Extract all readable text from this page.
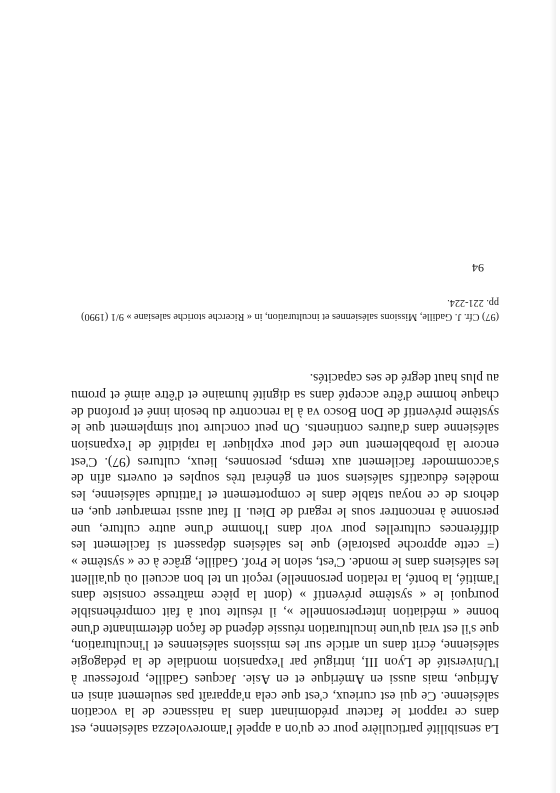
La sensibilité particulière pour ce qu'on a appelé l'amorevolezza salésienne, est dans ce rapport le facteur prédominant dans la naissance de la vocation salésienne. Ce qui est curieux, c'est que cela n'apparaît pas seulement ainsi en Afrique, mais aussi en Amérique et en Asie. Jacques Gadille, professeur à l'Université de Lyon III, intrigué par l'expansion mondiale de la pédagogie salésienne, écrit dans un article sur les missions salésiennes et l'inculturation, que s'il est vrai qu'une inculturation réussie dépend de façon déterminante d'une bonne « médiation interpersonnelle », il résulte tout à fait compréhensible pourquoi le « système préventif » (dont la pièce maîtresse consiste dans l'amitié, la bonté, la relation personnelle) reçoit un tel bon accueil où qu'aillent les salésiens dans le monde. C'est, selon le Prof. Gadille, grâce à ce « système » (= cette approche pastorale) que les salésiens dépassent si facilement les différences culturelles pour voir dans l'homme d'une autre culture, une personne à rencontrer sous le regard de Dieu. Il faut aussi remarquer que, en dehors de ce noyau stable dans le comportement et l'attitude salésienne, les modèles éducatifs salésiens sont en général très souples et ouverts afin de s'accommoder facilement aux temps, personnes, lieux, cultures (97). C'est encore là probablement une clef pour expliquer la rapidité de l'expansion salésienne dans d'autres continents. On peut conclure tout simplement que le système préventif de Don Bosco va à la rencontre du besoin inné et profond de chaque homme d'être accepté dans sa dignité humaine et d'être aimé et promu au plus haut degré de ses capacités.

(97) Cfr. J. Gadille, Missions salésiennes et inculturation, in « Ricerche storiche salesiane » 9/1 (1990) pp. 221-224.

94
